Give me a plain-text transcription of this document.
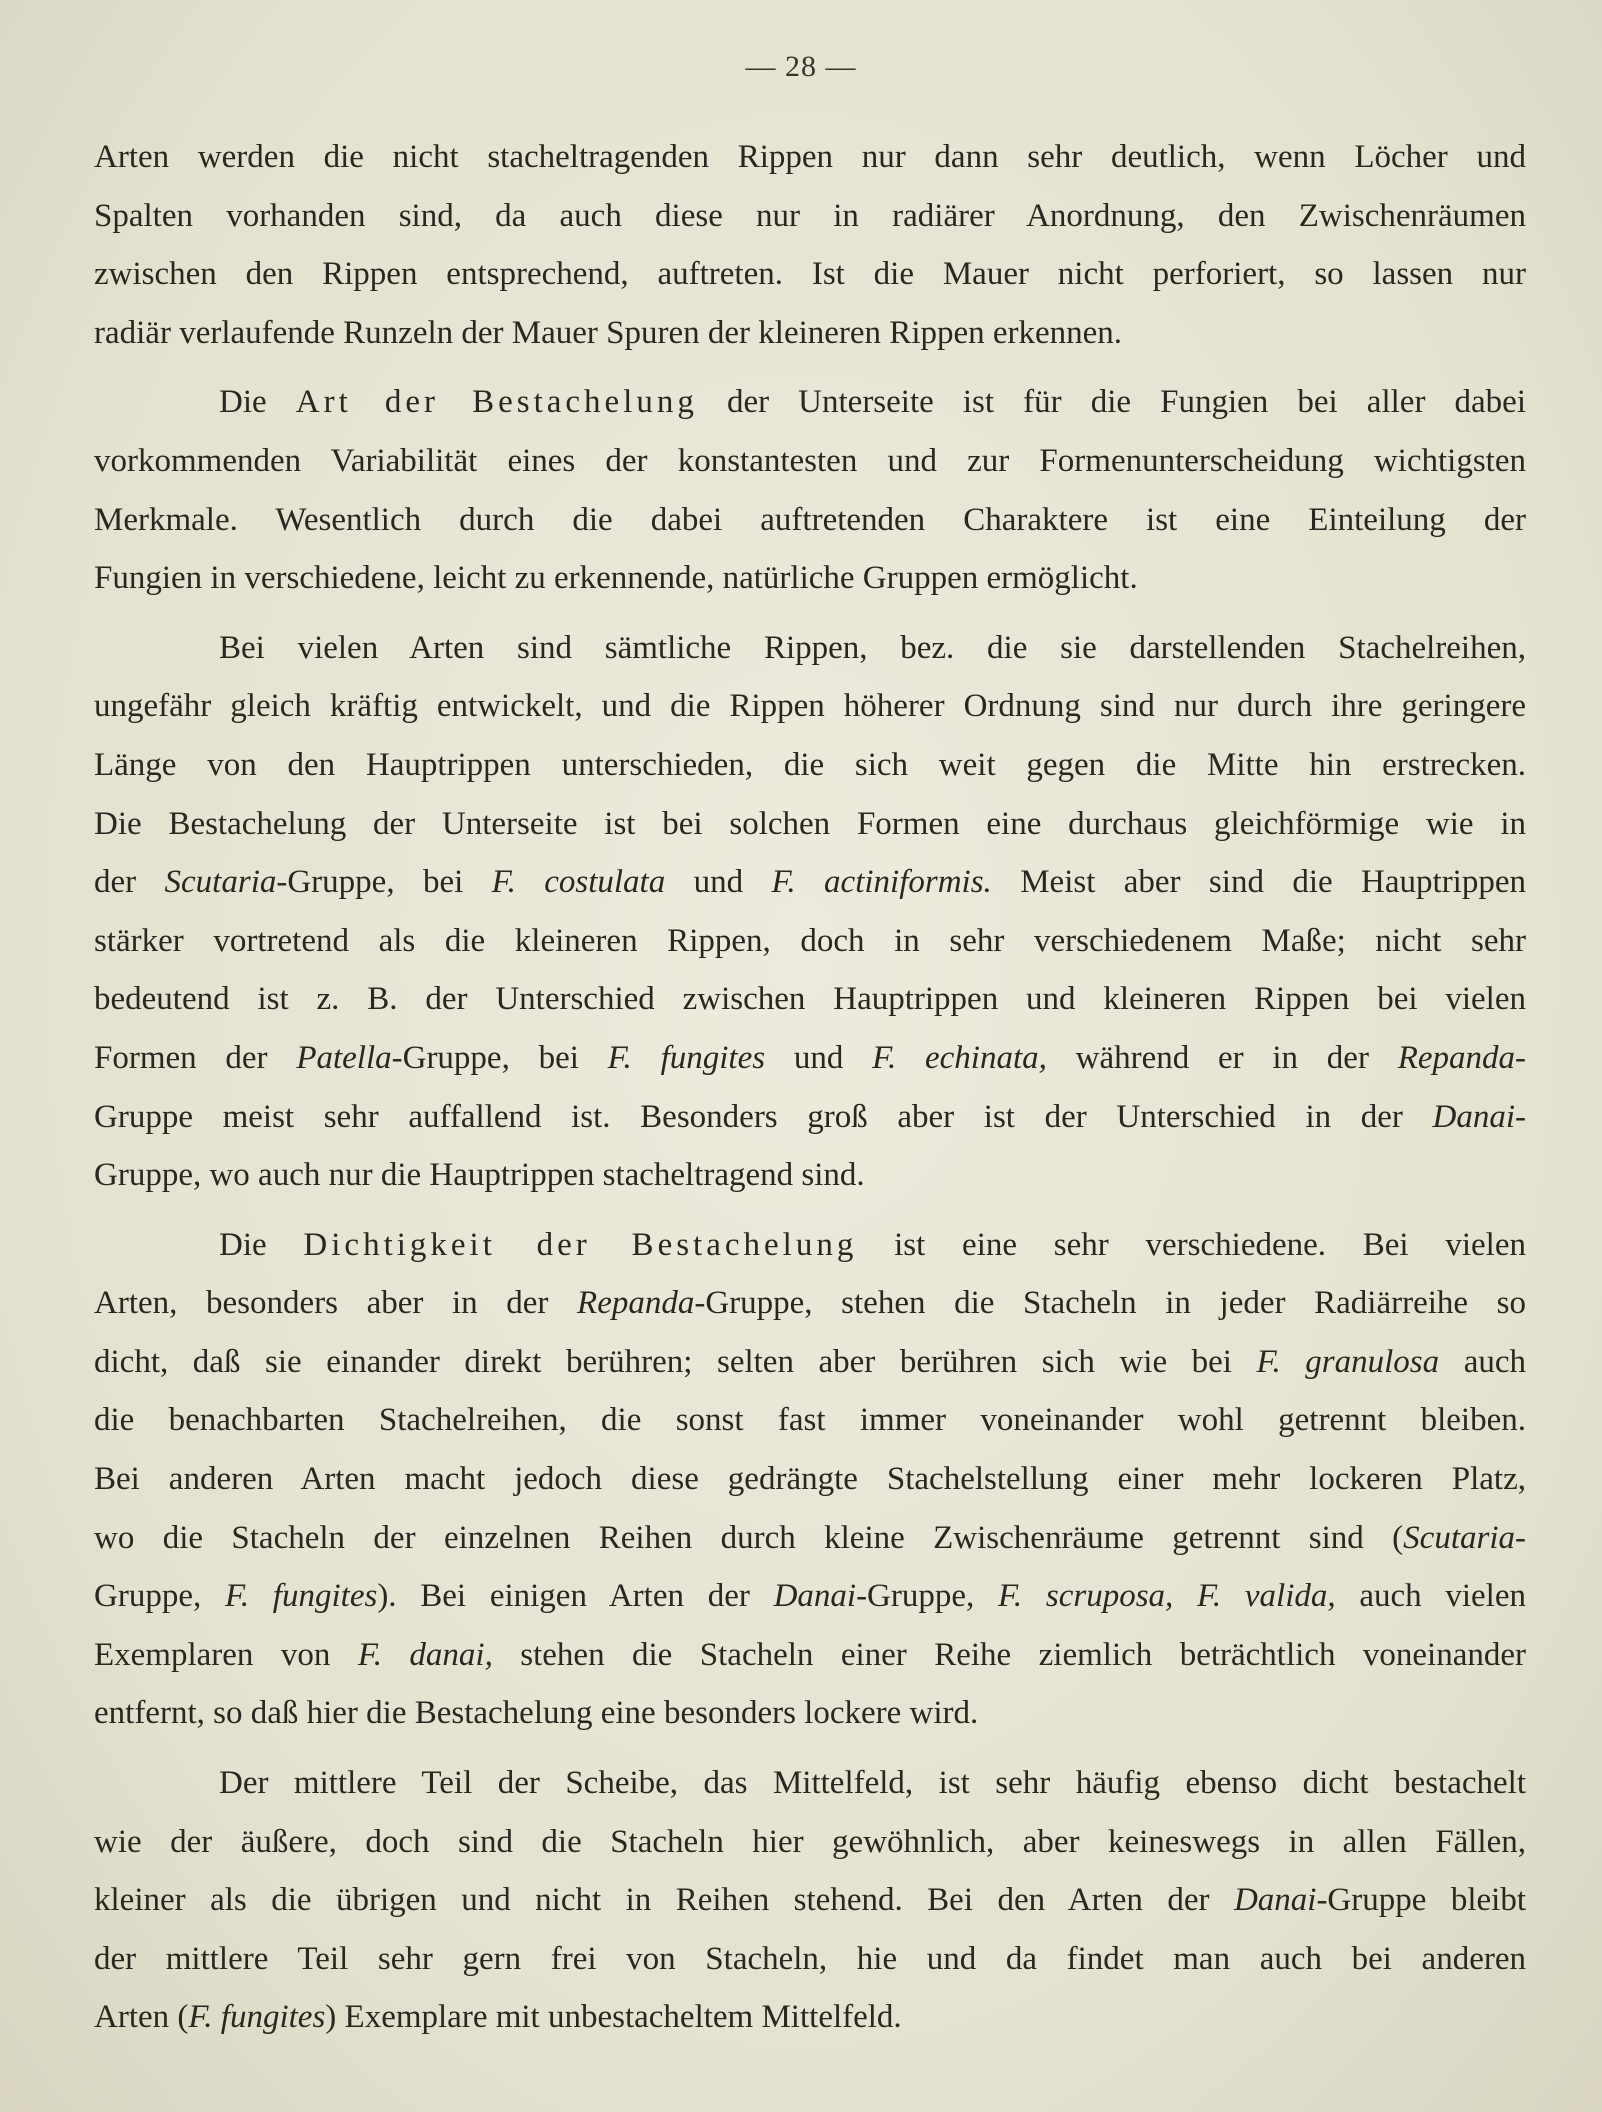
— 28 —
Arten werden die nicht stacheltragenden Rippen nur dann sehr deutlich, wenn Löcher und
Spalten vorhanden sind, da auch diese nur in radiärer Anordnung, den Zwischenräumen
zwischen den Rippen entsprechend, auftreten. Ist die Mauer nicht perforiert, so lassen nur
radiär verlaufende Runzeln der Mauer Spuren der kleineren Rippen erkennen.
Die Art der Bestachelung der Unterseite ist für die Fungien bei aller dabei
vorkommenden Variabilität eines der konstantesten und zur Formenunterscheidung wichtigsten
Merkmale. Wesentlich durch die dabei auftretenden Charaktere ist eine Einteilung der
Fungien in verschiedene, leicht zu erkennende, natürliche Gruppen ermöglicht.
Bei vielen Arten sind sämtliche Rippen, bez. die sie darstellenden Stachelreihen,
ungefähr gleich kräftig entwickelt, und die Rippen höherer Ordnung sind nur durch ihre geringere
Länge von den Hauptrippen unterschieden, die sich weit gegen die Mitte hin erstrecken.
Die Bestachelung der Unterseite ist bei solchen Formen eine durchaus gleichförmige wie in
der Scutaria-Gruppe, bei F. costulata und F. actiniformis. Meist aber sind die Hauptrippen
stärker vortretend als die kleineren Rippen, doch in sehr verschiedenem Maße; nicht sehr
bedeutend ist z. B. der Unterschied zwischen Hauptrippen und kleineren Rippen bei vielen
Formen der Patella-Gruppe, bei F. fungites und F. echinata, während er in der Repanda-
Gruppe meist sehr auffallend ist. Besonders groß aber ist der Unterschied in der Danai-
Gruppe, wo auch nur die Hauptrippen stacheltragend sind.
Die Dichtigkeit der Bestachelung ist eine sehr verschiedene. Bei vielen
Arten, besonders aber in der Repanda-Gruppe, stehen die Stacheln in jeder Radiärreihe so
dicht, daß sie einander direkt berühren; selten aber berühren sich wie bei F. granulosa auch
die benachbarten Stachelreihen, die sonst fast immer voneinander wohl getrennt bleiben.
Bei anderen Arten macht jedoch diese gedrängte Stachelstellung einer mehr lockeren Platz,
wo die Stacheln der einzelnen Reihen durch kleine Zwischenräume getrennt sind (Scutaria-
Gruppe, F. fungites). Bei einigen Arten der Danai-Gruppe, F. scruposa, F. valida, auch vielen
Exemplaren von F. danai, stehen die Stacheln einer Reihe ziemlich beträchtlich voneinander
entfernt, so daß hier die Bestachelung eine besonders lockere wird.
Der mittlere Teil der Scheibe, das Mittelfeld, ist sehr häufig ebenso dicht bestachelt
wie der äußere, doch sind die Stacheln hier gewöhnlich, aber keineswegs in allen Fällen,
kleiner als die übrigen und nicht in Reihen stehend. Bei den Arten der Danai-Gruppe bleibt
der mittlere Teil sehr gern frei von Stacheln, hie und da findet man auch bei anderen
Arten (F. fungites) Exemplare mit unbestacheltem Mittelfeld.
